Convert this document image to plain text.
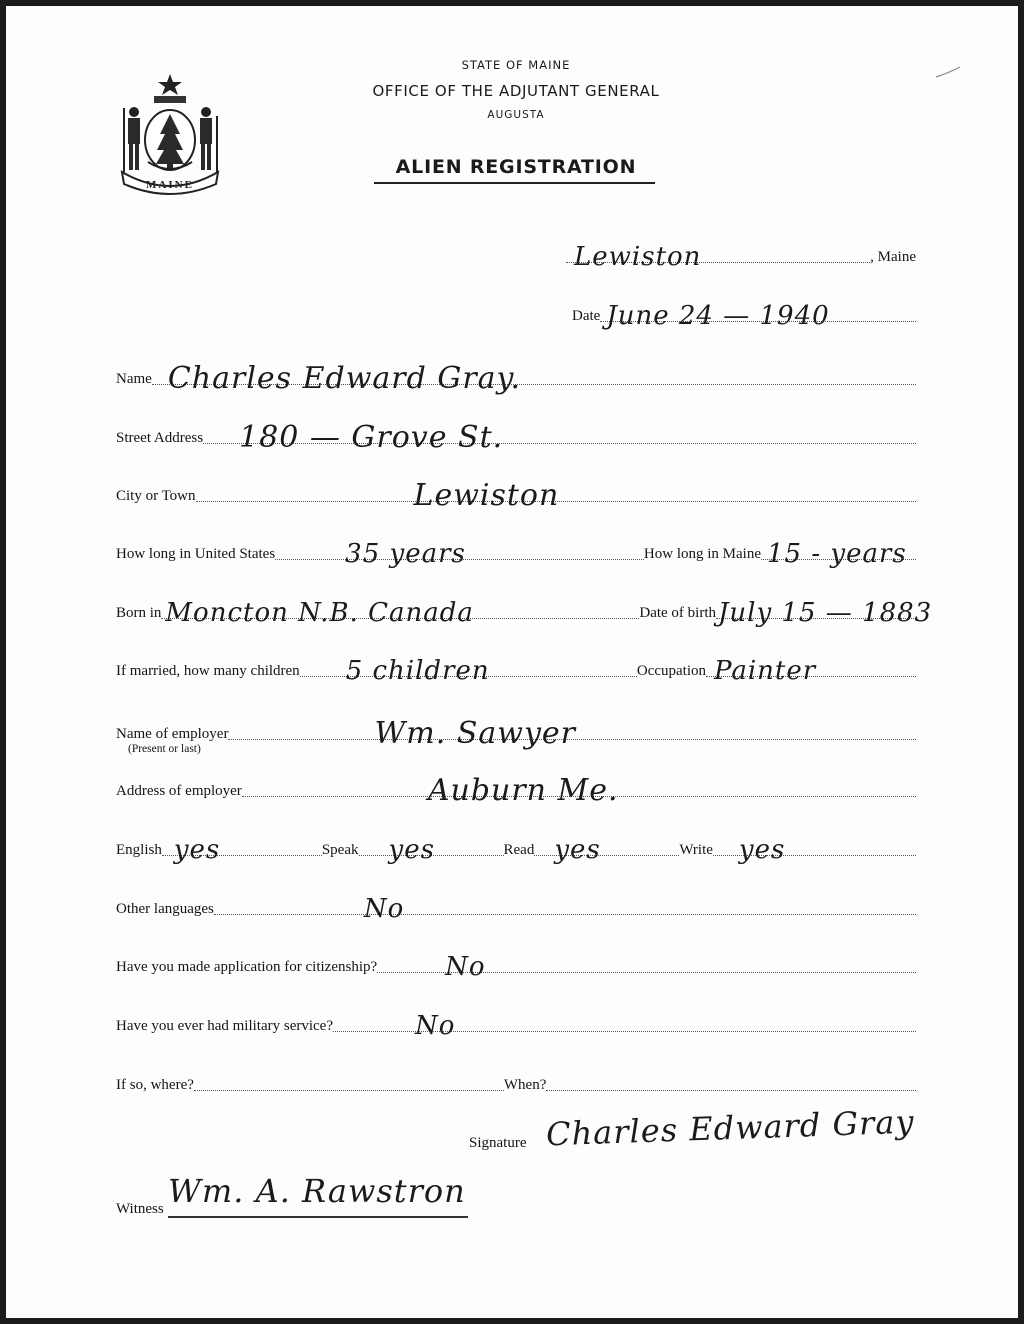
MAINE
STATE OF MAINE
OFFICE OF THE ADJUTANT GENERAL
AUGUSTA
ALIEN REGISTRATION
Lewiston	, Maine
Date June 24 — 1940
Name Charles Edward Gray.
Street Address 180 — Grove St.
City or Town	Lewiston
How long in United States	35 years	How long in Maine 15 - years
Born in Moncton N.B. Canada	Date of birth July 15 — 1883
If married, how many children 5 children	Occupation Painter
Name of employer	Wm. Sawyer
(Present or last)
Address of employer	Auburn Me.
English yes	Speak yes	Read yes	Write yes
Other languages	No
Have you made application for citizenship?	No
Have you ever had military service?	No
If so, where?	When?
Signature Charles Edward Gray
Witness Wm. A. Rawstron
